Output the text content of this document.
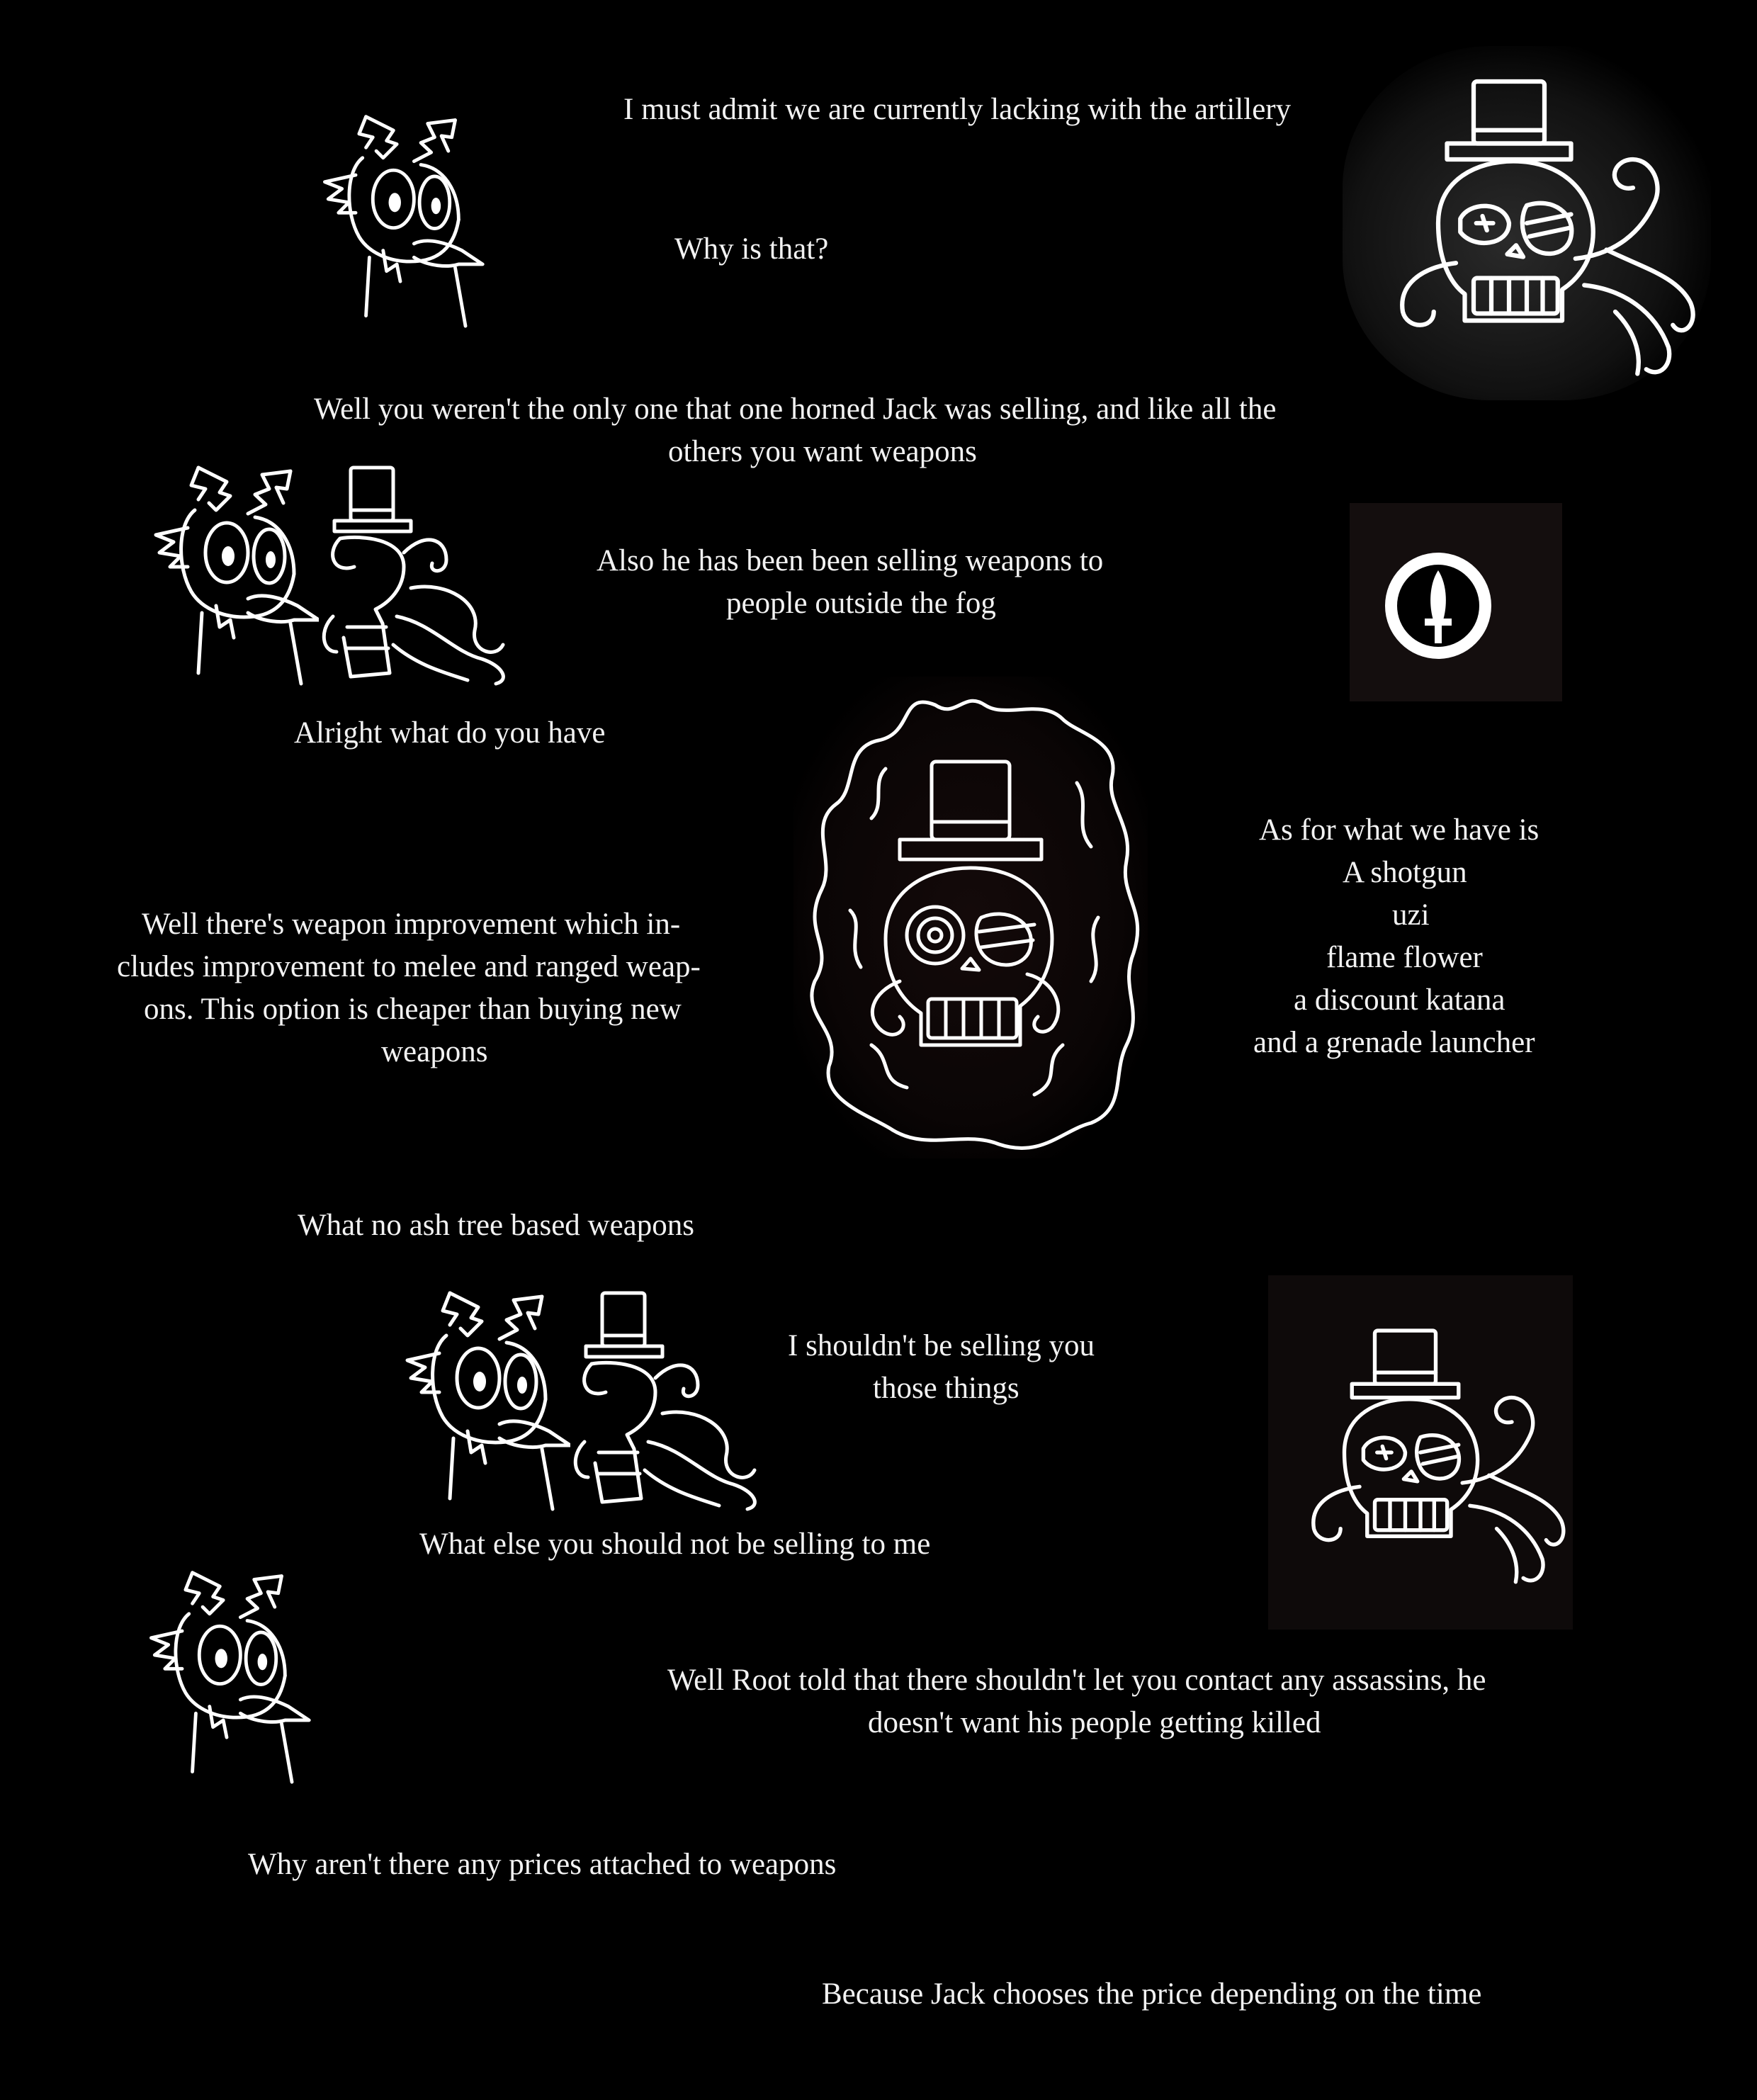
I must admit we are currently lacking with the artillery
Why is that?
Well you weren't the only one that one horned Jack was selling, and like all the
others you want weapons
Also he has been been selling weapons to
people outside the fog
Alright what do you have
Well there's weapon improvement which in-
cludes improvement to melee and ranged weap-
ons. This option is cheaper than buying new
weapons
As for what we have is
A shotgun
uzi
flame flower
a discount katana
and a grenade launcher
What no ash tree based weapons
I shouldn't be selling you
those things
What else you should not be selling to me
Well Root told that there shouldn't let you contact any assassins, he
doesn't want his people getting killed
Why aren't there any prices attached to weapons
Because Jack chooses the price depending on the time
